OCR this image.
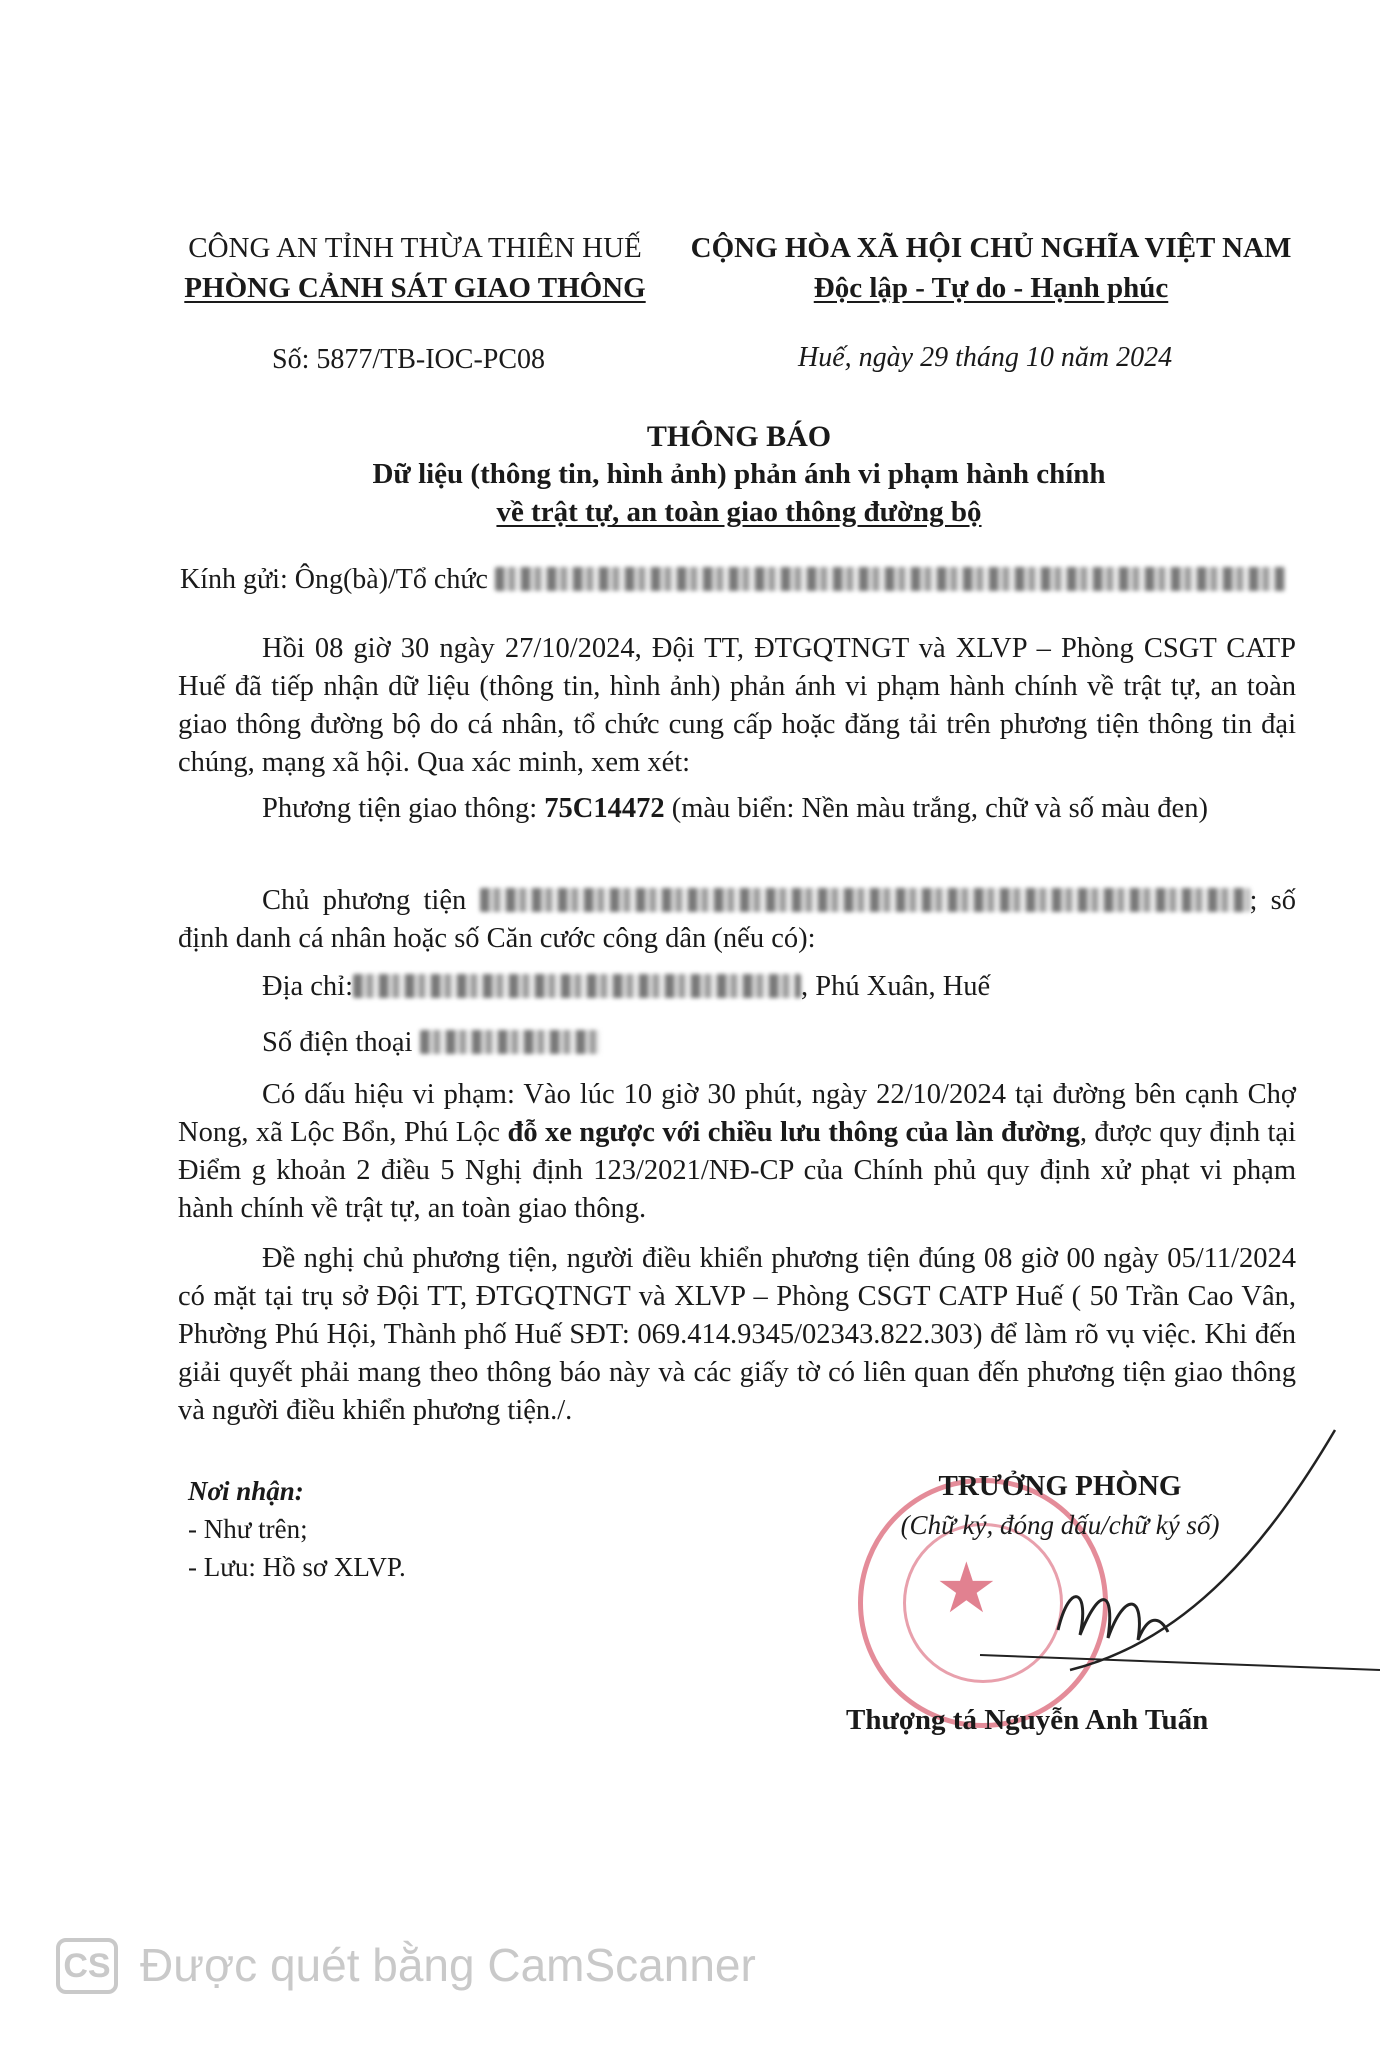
CÔNG AN TỈNH THỪA THIÊN HUẾ
PHÒNG CẢNH SÁT GIAO THÔNG
CỘNG HÒA XÃ HỘI CHỦ NGHĨA VIỆT NAM
Độc lập - Tự do - Hạnh phúc
Số: 5877/TB-IOC-PC08	Huế, ngày 29 tháng 10 năm 2024
THÔNG BÁO
Dữ liệu (thông tin, hình ảnh) phản ánh vi phạm hành chính
về trật tự, an toàn giao thông đường bộ
Kính gửi: Ông(bà)/Tổ chức
Hồi 08 giờ 30 ngày 27/10/2024, Đội TT, ĐTGQTNGT và XLVP – Phòng CSGT CATP Huế đã tiếp nhận dữ liệu (thông tin, hình ảnh) phản ánh vi phạm hành chính về trật tự, an toàn giao thông đường bộ do cá nhân, tổ chức cung cấp hoặc đăng tải trên phương tiện thông tin đại chúng, mạng xã hội. Qua xác minh, xem xét:
Phương tiện giao thông: 75C14472 (màu biển: Nền màu trắng, chữ và số màu đen)
Chủ phương tiện	; số định danh cá nhân hoặc số Căn cước công dân (nếu có):
Địa chỉ:	, Phú Xuân, Huế
Số điện thoại
Có dấu hiệu vi phạm: Vào lúc 10 giờ 30 phút, ngày 22/10/2024 tại đường bên cạnh Chợ Nong, xã Lộc Bổn, Phú Lộc đỗ xe ngược với chiều lưu thông của làn đường, được quy định tại Điểm g khoản 2 điều 5 Nghị định 123/2021/NĐ-CP của Chính phủ quy định xử phạt vi phạm hành chính về trật tự, an toàn giao thông.
Đề nghị chủ phương tiện, người điều khiển phương tiện đúng 08 giờ 00 ngày 05/11/2024 có mặt tại trụ sở Đội TT, ĐTGQTNGT và XLVP – Phòng CSGT CATP Huế ( 50 Trần Cao Vân, Phường Phú Hội, Thành phố Huế SĐT: 069.414.9345/02343.822.303) để làm rõ vụ việc. Khi đến giải quyết phải mang theo thông báo này và các giấy tờ có liên quan đến phương tiện giao thông và người điều khiển phương tiện./.
Nơi nhận:
- Như trên;
- Lưu: Hồ sơ XLVP.	★
TRƯỞNG PHÒNG
(Chữ ký, đóng dấu/chữ ký số)
Thượng tá Nguyễn Anh Tuấn
CS Được quét bằng CamScanner
